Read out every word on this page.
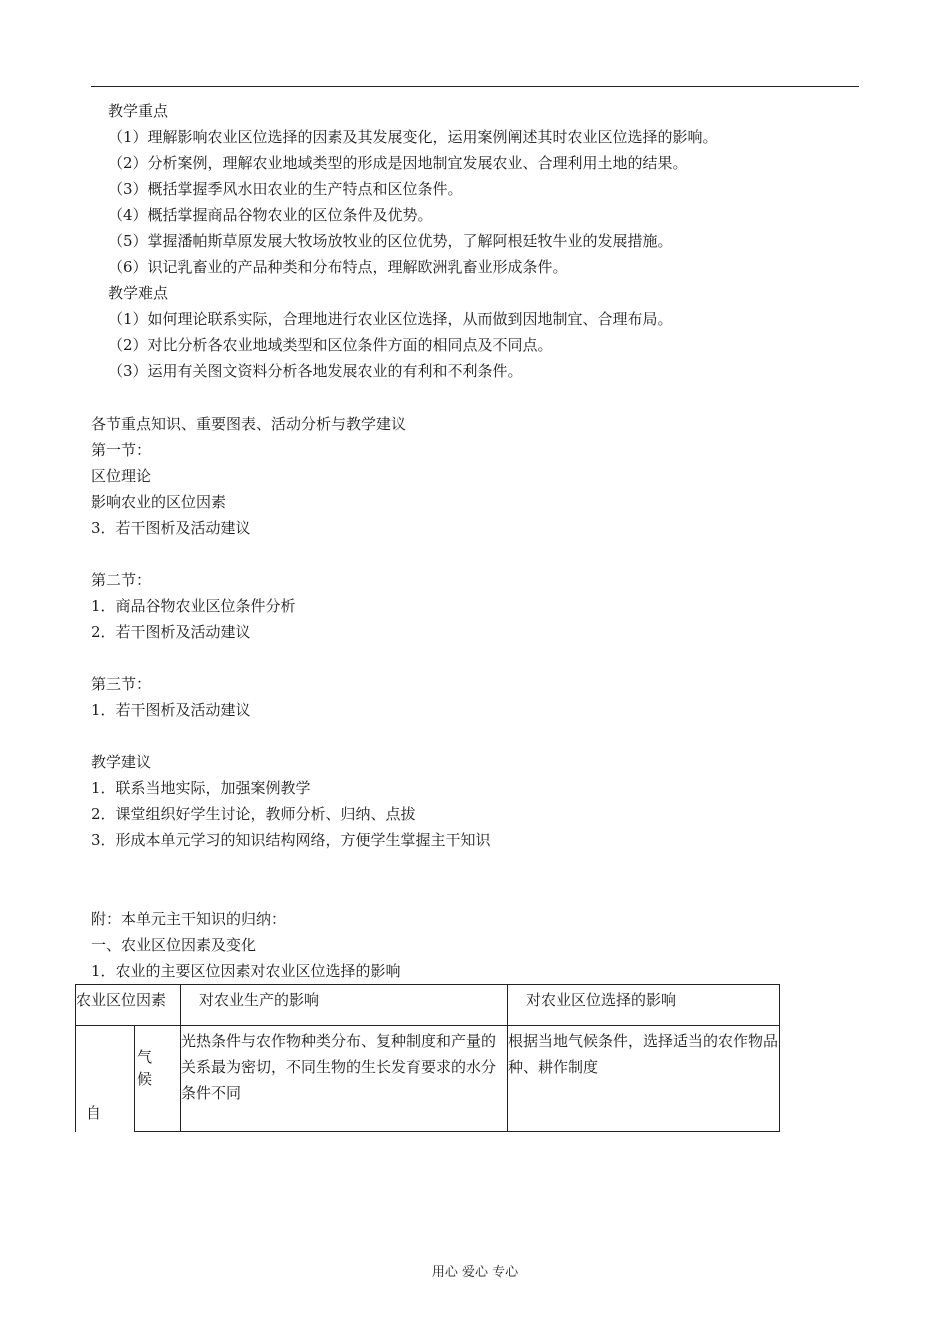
教学重点
（1）理解影响农业区位选择的因素及其发展变化，运用案例阐述其时农业区位选择的影响。
（2）分析案例，理解农业地域类型的形成是因地制宜发展农业、合理利用土地的结果。
（3）概括掌握季风水田农业的生产特点和区位条件。
（4）概括掌握商品谷物农业的区位条件及优势。
（5）掌握潘帕斯草原发展大牧场放牧业的区位优势，了解阿根廷牧牛业的发展措施。
（6）识记乳畜业的产品种类和分布特点，理解欧洲乳畜业形成条件。
教学难点
（1）如何理论联系实际，合理地进行农业区位选择，从而做到因地制宜、合理布局。
（2）对比分析各农业地域类型和区位条件方面的相同点及不同点。
（3）运用有关图文资料分析各地发展农业的有利和不利条件。
各节重点知识、重要图表、活动分析与教学建议
第一节：
区位理论
影响农业的区位因素
3．若干图析及活动建议
第二节：
1．商品谷物农业区位条件分析
2．若干图析及活动建议
第三节：
1．若干图析及活动建议
教学建议
1．联系当地实际，加强案例教学
2．课堂组织好学生讨论，教师分析、归纳、点拔
3．形成本单元学习的知识结构网络，方便学生掌握主干知识
附：本单元主干知识的归纳：
一、农业区位因素及变化
1．农业的主要区位因素对农业区位选择的影响
农业区位因素		对农业生产的影响	对农业区位选择的影响

自	气候	光热条件与农作物种类分布、复种制度和产量的关系最为密切，不同生物的生长发育要求的水分条件不同	根据当地气候条件，选择适当的农作物品种、耕作制度
用心 爱心 专心
